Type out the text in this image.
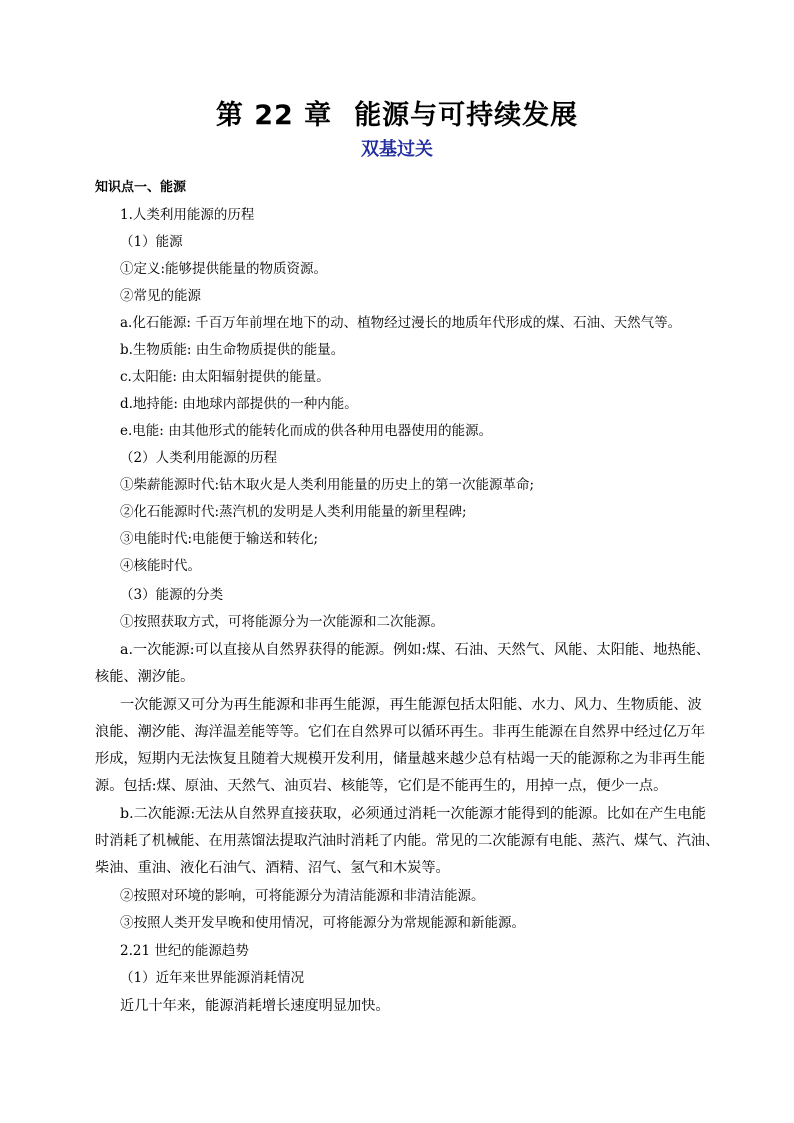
第 22 章 能源与可持续发展
双基过关
知识点一、能源
1.人类利用能源的历程
（1）能源
①定义:能够提供能量的物质资源。
②常见的能源
a.化石能源: 千百万年前埋在地下的动、植物经过漫长的地质年代形成的煤、石油、天然气等。
b.生物质能: 由生命物质提供的能量。
c.太阳能: 由太阳辐射提供的能量。
d.地持能: 由地球内部提供的一种内能。
e.电能: 由其他形式的能转化而成的供各种用电器使用的能源。
（2）人类利用能源的历程
①柴薪能源时代:钻木取火是人类利用能量的历史上的第一次能源革命;
②化石能源时代:蒸汽机的发明是人类利用能量的新里程碑;
③电能时代:电能便于输送和转化;
④核能时代。
（3）能源的分类
①按照获取方式，可将能源分为一次能源和二次能源。
a.一次能源:可以直接从自然界获得的能源。例如:煤、石油、天然气、风能、太阳能、地热能、
核能、潮汐能。
一次能源又可分为再生能源和非再生能源，再生能源包括太阳能、水力、风力、生物质能、波
浪能、潮汐能、海洋温差能等等。它们在自然界可以循环再生。非再生能源在自然界中经过亿万年
形成，短期内无法恢复且随着大规模开发利用，储量越来越少总有枯竭一天的能源称之为非再生能
源。包括:煤、原油、天然气、油页岩、核能等，它们是不能再生的，用掉一点，便少一点。
b.二次能源:无法从自然界直接获取，必须通过消耗一次能源才能得到的能源。比如在产生电能
时消耗了机械能、在用蒸馏法提取汽油时消耗了内能。常见的二次能源有电能、蒸汽、煤气、汽油、
柴油、重油、液化石油气、酒精、沼气、氢气和木炭等。
②按照对环境的影响，可将能源分为清洁能源和非清洁能源。
③按照人类开发早晚和使用情况，可将能源分为常规能源和新能源。
2.21 世纪的能源趋势
（1）近年来世界能源消耗情况
近几十年来，能源消耗增长速度明显加快。
